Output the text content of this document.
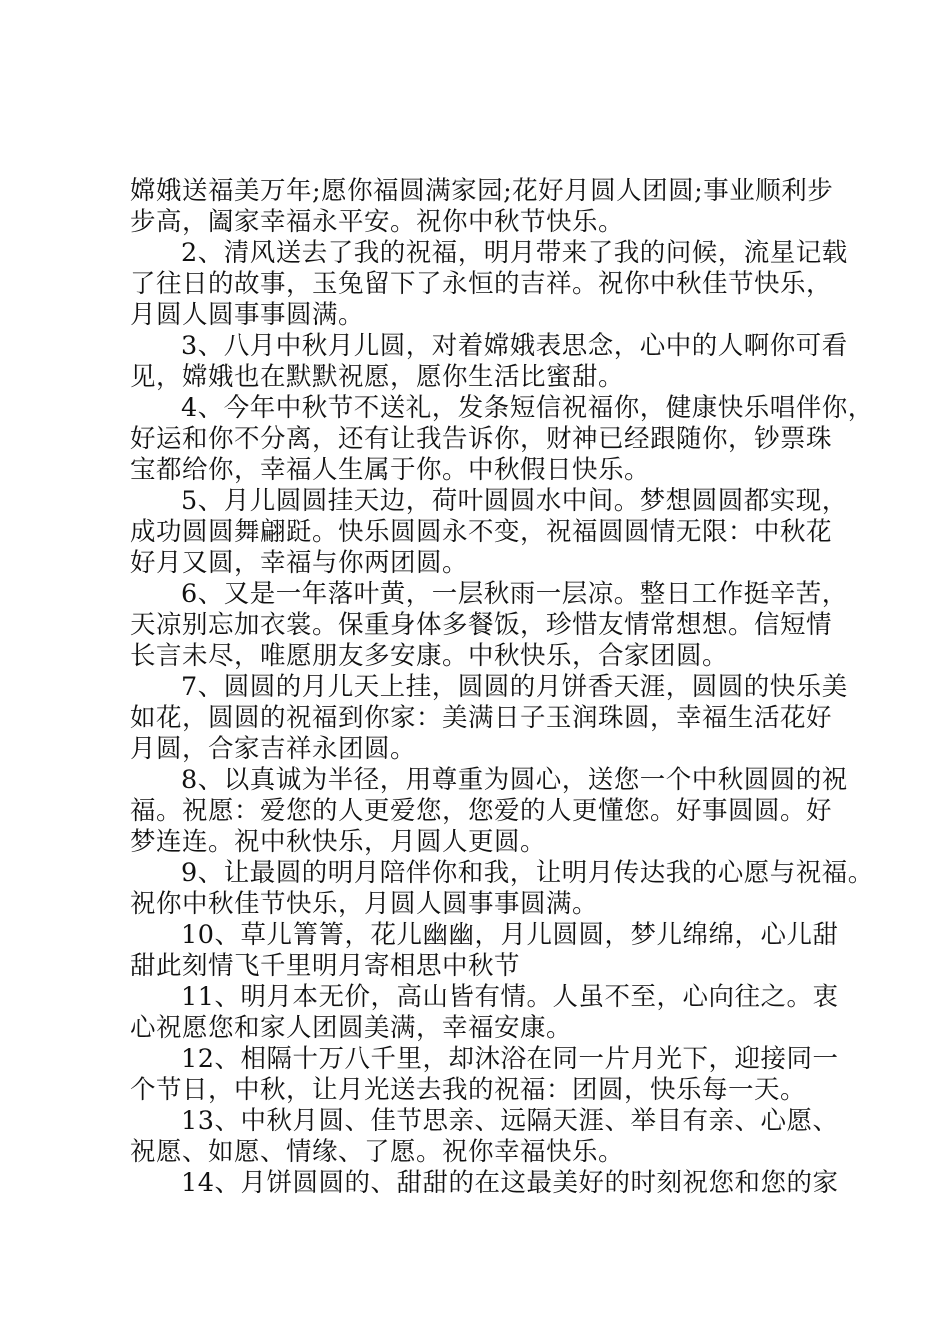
嫦娥送福美万年;愿你福圆满家园;花好月圆人团圆;事业顺利步
步高，阖家幸福永平安。祝你中秋节快乐。
2、清风送去了我的祝福，明月带来了我的问候，流星记载
了往日的故事，玉兔留下了永恒的吉祥。祝你中秋佳节快乐，
月圆人圆事事圆满。
3、八月中秋月儿圆，对着嫦娥表思念，心中的人啊你可看
见，嫦娥也在默默祝愿，愿你生活比蜜甜。
4、今年中秋节不送礼，发条短信祝福你，健康快乐唱伴你，
好运和你不分离，还有让我告诉你，财神已经跟随你，钞票珠
宝都给你，幸福人生属于你。中秋假日快乐。
5、月儿圆圆挂天边，荷叶圆圆水中间。梦想圆圆都实现，
成功圆圆舞翩跹。快乐圆圆永不变，祝福圆圆情无限：中秋花
好月又圆，幸福与你两团圆。
6、又是一年落叶黄，一层秋雨一层凉。整日工作挺辛苦，
天凉别忘加衣裳。保重身体多餐饭，珍惜友情常想想。信短情
长言未尽，唯愿朋友多安康。中秋快乐，合家团圆。
7、圆圆的月儿天上挂，圆圆的月饼香天涯，圆圆的快乐美
如花，圆圆的祝福到你家：美满日子玉润珠圆，幸福生活花好
月圆，合家吉祥永团圆。
8、以真诚为半径，用尊重为圆心，送您一个中秋圆圆的祝
福。祝愿：爱您的人更爱您，您爱的人更懂您。好事圆圆。好
梦连连。祝中秋快乐，月圆人更圆。
9、让最圆的明月陪伴你和我，让明月传达我的心愿与祝福。
祝你中秋佳节快乐，月圆人圆事事圆满。
10、草儿箐箐，花儿幽幽，月儿圆圆，梦儿绵绵，心儿甜
甜此刻情飞千里明月寄相思中秋节
11、明月本无价，高山皆有情。人虽不至，心向往之。衷
心祝愿您和家人团圆美满，幸福安康。
12、相隔十万八千里，却沐浴在同一片月光下，迎接同一
个节日，中秋，让月光送去我的祝福：团圆，快乐每一天。
13、中秋月圆、佳节思亲、远隔天涯、举目有亲、心愿、
祝愿、如愿、情缘、了愿。祝你幸福快乐。
14、月饼圆圆的、甜甜的在这最美好的时刻祝您和您的家
